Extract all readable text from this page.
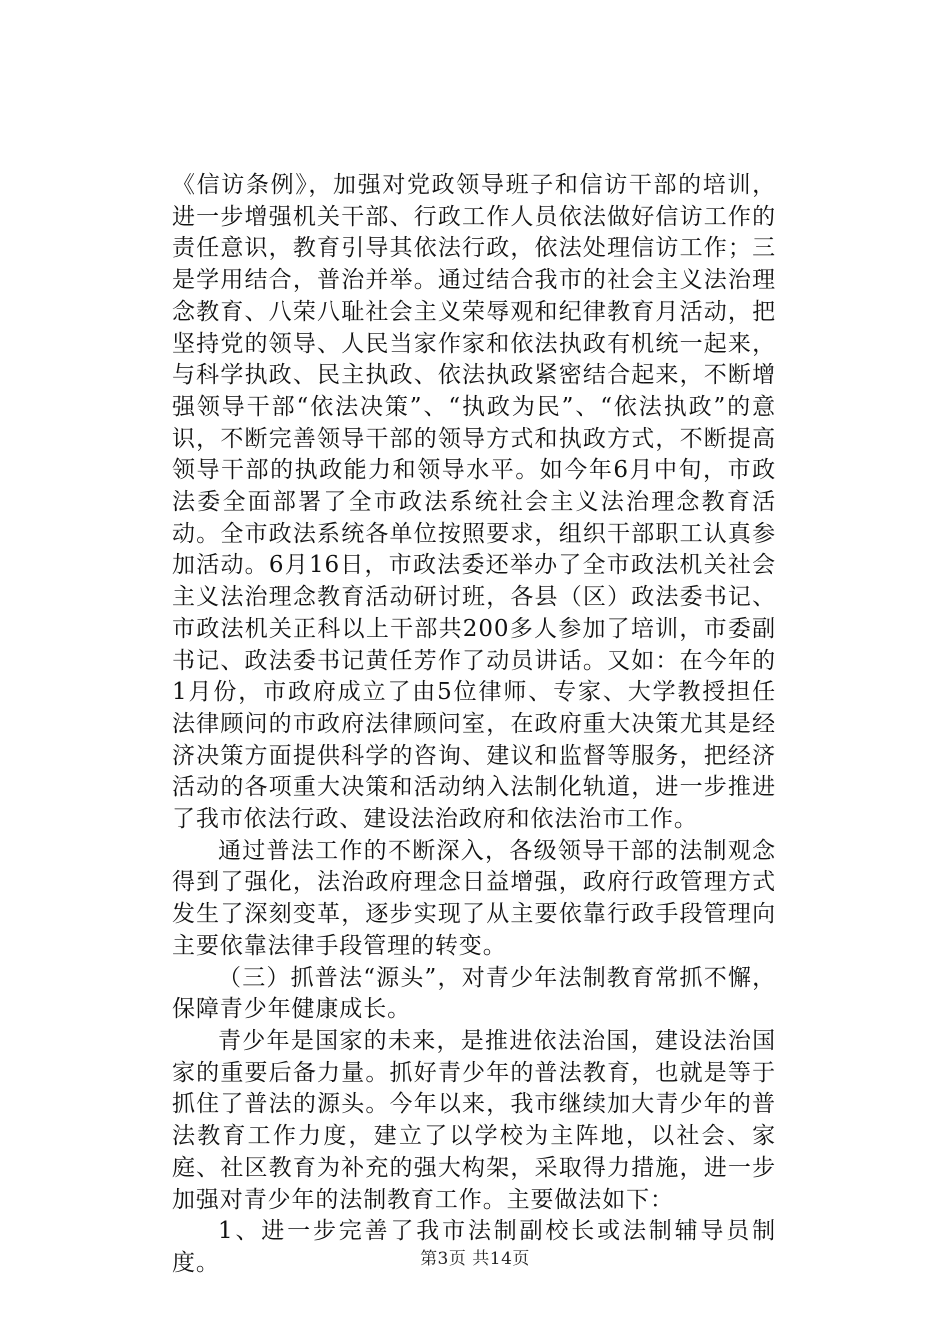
《信访条例》，加强对党政领导班子和信访干部的培训，进一步增强机关干部、行政工作人员依法做好信访工作的责任意识，教育引导其依法行政，依法处理信访工作；三是学用结合，普治并举。通过结合我市的社会主义法治理念教育、八荣八耻社会主义荣辱观和纪律教育月活动，把坚持党的领导、人民当家作家和依法执政有机统一起来，与科学执政、民主执政、依法执政紧密结合起来，不断增强领导干部“依法决策”、“执政为民”、“依法执政”的意识，不断完善领导干部的领导方式和执政方式，不断提高领导干部的执政能力和领导水平。如今年6月中旬，市政法委全面部署了全市政法系统社会主义法治理念教育活动。全市政法系统各单位按照要求，组织干部职工认真参加活动。6月16日，市政法委还举办了全市政法机关社会主义法治理念教育活动研讨班，各县（区）政法委书记、市政法机关正科以上干部共200多人参加了培训，市委副书记、政法委书记黄任芳作了动员讲话。又如：在今年的1月份，市政府成立了由5位律师、专家、大学教授担任法律顾问的市政府法律顾问室，在政府重大决策尤其是经济决策方面提供科学的咨询、建议和监督等服务，把经济活动的各项重大决策和活动纳入法制化轨道，进一步推进了我市依法行政、建设法治政府和依法治市工作。

通过普法工作的不断深入，各级领导干部的法制观念得到了强化，法治政府理念日益增强，政府行政管理方式发生了深刻变革，逐步实现了从主要依靠行政手段管理向主要依靠法律手段管理的转变。

（三）抓普法“源头”，对青少年法制教育常抓不懈，保障青少年健康成长。

青少年是国家的未来，是推进依法治国，建设法治国家的重要后备力量。抓好青少年的普法教育，也就是等于抓住了普法的源头。今年以来，我市继续加大青少年的普法教育工作力度，建立了以学校为主阵地，以社会、家庭、社区教育为补充的强大构架，采取得力措施，进一步加强对青少年的法制教育工作。主要做法如下：

1、进一步完善了我市法制副校长或法制辅导员制度。	第3页 共14页
